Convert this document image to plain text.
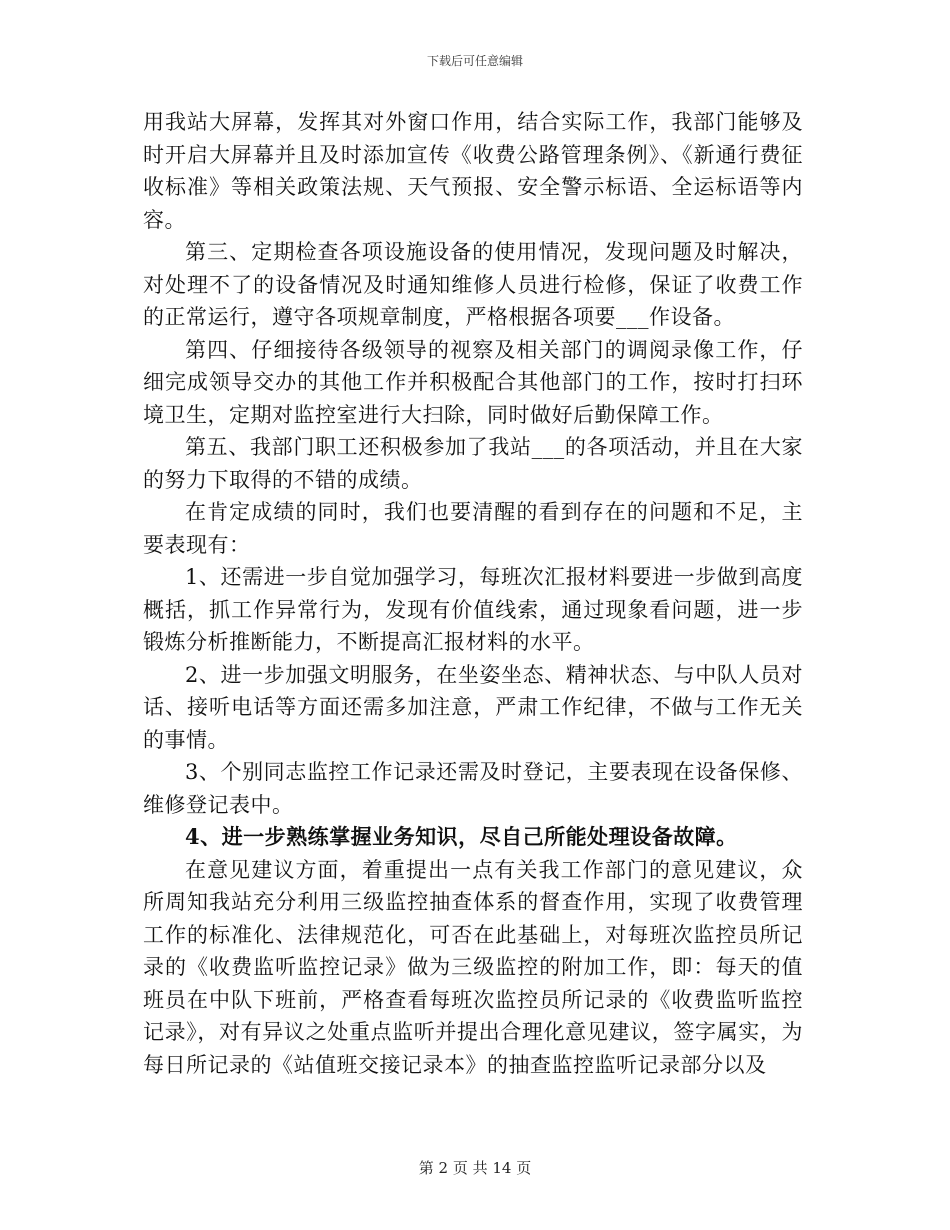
下载后可任意编辑

用我站大屏幕，发挥其对外窗口作用，结合实际工作，我部门能够及时开启大屏幕并且及时添加宣传《收费公路管理条例》、《新通行费征收标准》等相关政策法规、天气预报、安全警示标语、全运标语等内容。

第三、定期检查各项设施设备的使用情况，发现问题及时解决，对处理不了的设备情况及时通知维修人员进行检修，保证了收费工作的正常运行，遵守各项规章制度，严格根据各项要___作设备。

第四、仔细接待各级领导的视察及相关部门的调阅录像工作，仔细完成领导交办的其他工作并积极配合其他部门的工作，按时打扫环境卫生，定期对监控室进行大扫除，同时做好后勤保障工作。

第五、我部门职工还积极参加了我站___的各项活动，并且在大家的努力下取得的不错的成绩。

在肯定成绩的同时，我们也要清醒的看到存在的问题和不足，主要表现有：

1、还需进一步自觉加强学习，每班次汇报材料要进一步做到高度概括，抓工作异常行为，发现有价值线索，通过现象看问题，进一步锻炼分析推断能力，不断提高汇报材料的水平。

2、进一步加强文明服务，在坐姿坐态、精神状态、与中队人员对话、接听电话等方面还需多加注意，严肃工作纪律，不做与工作无关的事情。

3、个别同志监控工作记录还需及时登记，主要表现在设备保修、维修登记表中。

4、进一步熟练掌握业务知识，尽自己所能处理设备故障。

在意见建议方面，着重提出一点有关我工作部门的意见建议，众所周知我站充分利用三级监控抽查体系的督查作用，实现了收费管理工作的标准化、法律规范化，可否在此基础上，对每班次监控员所记录的《收费监听监控记录》做为三级监控的附加工作，即：每天的值班员在中队下班前，严格查看每班次监控员所记录的《收费监听监控记录》，对有异议之处重点监听并提出合理化意见建议，签字属实，为每日所记录的《站值班交接记录本》的抽查监控监听记录部分以及

第 2 页 共 14 页
